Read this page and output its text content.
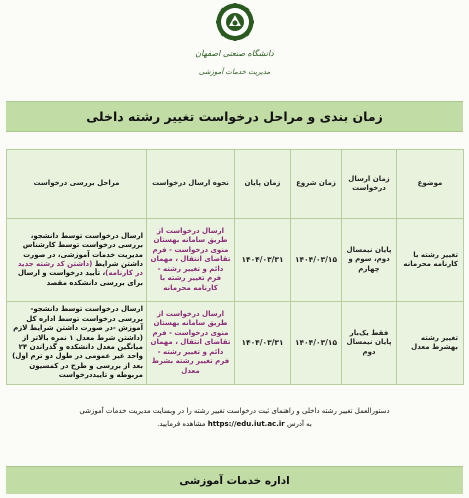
دانشگاه صنعتی اصفهان
مدیریت خدمات آموزشی
زمان بندی و مراحل درخواست تغییر رشته داخلی
موضوع	زمان ارسال درخواست	زمان شروع	زمان پایان	نحوه ارسال درخواست	مراحل بررسی درخواست
تغییر رشته با کارنامه محرمانه	پایان نیمسال دوم، سوم و چهارم	۱۴۰۴/۰۳/۱۵	۱۴۰۴/۰۳/۳۱	ارسال درخواست از طریق سامانه بهستان منوی درخواست - فرم تقاضای انتقال ، مهمان دائم و تغییر رشته - فرم تغییر رشته با کارنامه محرمانه	ارسال درخواست توسط دانشجو، بررسی درخواست توسط کارشناس مدیریت خدمات آموزشی، در صورت داشتن شرایط (داشتن کد رشته جدید در کارنامه)، تأیید درخواست و ارسال برای بررسی دانشکده مقصد
تغییر رشته بهشرط معدل	فقط یک‌بار پایان نیمسال دوم	۱۴۰۴/۰۳/۱۵	۱۴۰۴/۰۳/۳۱	ارسال درخواست از طریق سامانه بهستان منوی درخواست - فرم تقاضای انتقال ، مهمان دائم و تغییر رشته - فرم تغییر رشته بشرط معدل	ارسال درخواست توسط دانشجو- بررسی درخواست توسط اداره کل آموزش -در صورت داشتن شرایط لازم (داشتن شرط معدل ۱ نمره بالاتر از میانگین معدل دانشکده و گذراندن ۲۴ واحد غیر عمومی در طول دو ترم اول) بعد از بررسی و طرح در کمسیون مربوطه و تاییددرخواست
دستورالعمل تغییر رشته داخلی و راهنمای ثبت درخواست تغییر رشته را در وبسایت مدیریت خدمات آموزشی
به آدرس https://edu.iut.ac.ir مشاهده فرمایید.
اداره خدمات آموزشی
